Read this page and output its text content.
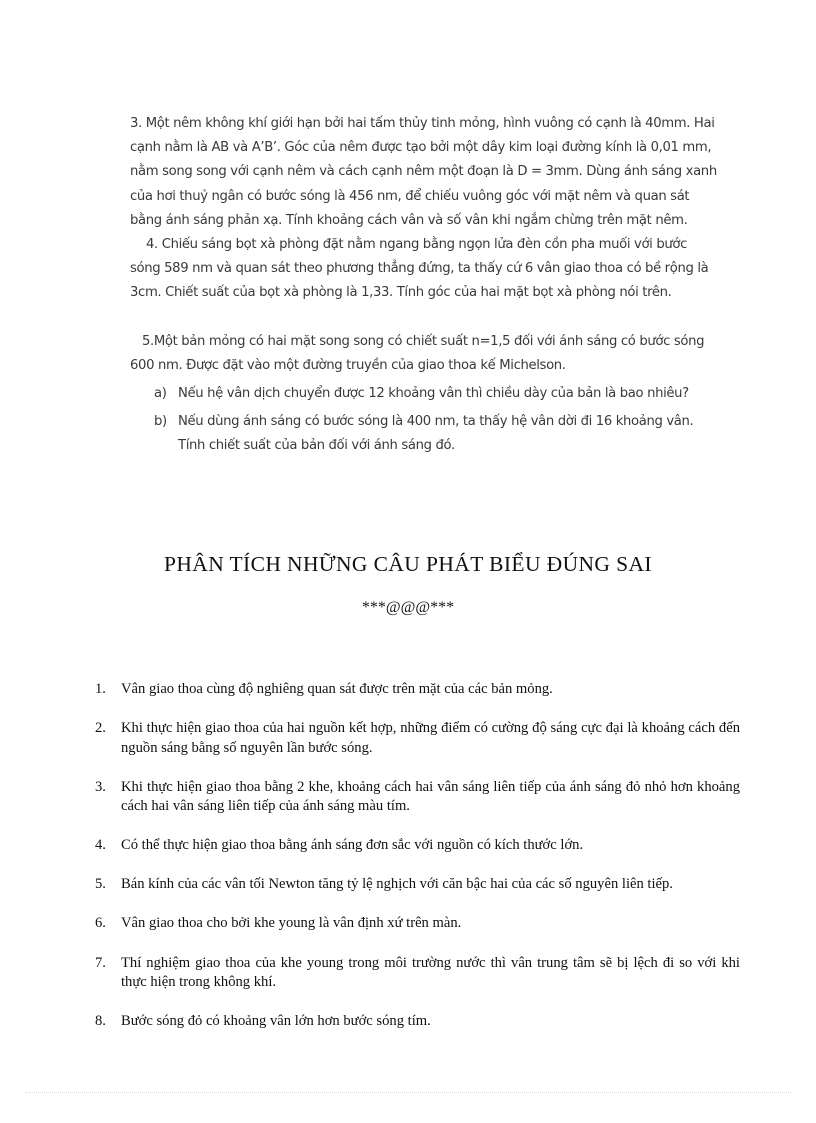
3. Một nêm không khí giới hạn bởi hai tấm thủy tinh mỏng, hình vuông có cạnh là 40mm. Hai cạnh nằm là AB và A’B’. Góc của nêm được tạo bởi một dây kim loại đường kính là 0,01 mm, nằm song song với cạnh nêm và cách cạnh nêm một đoạn là D = 3mm. Dùng ánh sáng xanh của hơi thuỷ ngân có bước sóng là 456 nm, để chiếu vuông góc với mặt nêm và quan sát bằng ánh sáng phản xạ. Tính khoảng cách vân và số vân khi ngắm chừng trên mặt nêm.

4. Chiếu sáng bọt xà phòng đặt nằm ngang bằng ngọn lửa đèn cồn pha muối với bước sóng 589 nm và quan sát theo phương thẳng đứng, ta thấy cứ 6 vân giao thoa có bề rộng là 3cm. Chiết suất của bọt xà phòng là 1,33. Tính góc của hai mặt bọt xà phòng nói trên.

5.Một bản mỏng có hai mặt song song có chiết suất n=1,5 đối với ánh sáng có bước sóng 600 nm. Được đặt vào một đường truyền của giao thoa kế Michelson.

a) Nếu hệ vân dịch chuyển được 12 khoảng vân thì chiều dày của bản là bao nhiêu?
b) Nếu dùng ánh sáng có bước sóng là 400 nm, ta thấy hệ vân dời đi 16 khoảng vân. Tính chiết suất của bản đối với ánh sáng đó.
PHÂN TÍCH NHỮNG CÂU PHÁT BIỂU ĐÚNG SAI
***@@@***
1.	Vân giao thoa cùng độ nghiêng quan sát được trên mặt của các bản mỏng.
2.	Khi thực hiện giao thoa của hai nguồn kết hợp, những điểm có cường độ sáng cực đại là khoảng cách đến nguồn sáng bằng số nguyên lần bước sóng.
3.	Khi thực hiện giao thoa bằng 2 khe, khoảng cách hai vân sáng liên tiếp của ánh sáng đỏ nhỏ hơn khoảng cách hai vân sáng liên tiếp của ánh sáng màu tím.
4.	Có thể thực hiện giao thoa bằng ánh sáng đơn sắc với nguồn có kích thước lớn.
5.	Bán kính của các vân tối Newton tăng tỷ lệ nghịch với căn bậc hai của các số nguyên liên tiếp.
6.	Vân giao thoa cho bởi khe young là vân định xứ trên màn.
7.	Thí nghiệm giao thoa của khe young trong môi trường nước thì vân trung tâm sẽ bị lệch đi so với khi thực hiện trong không khí.
8.	Bước sóng đỏ có khoảng vân lớn hơn bước sóng tím.
